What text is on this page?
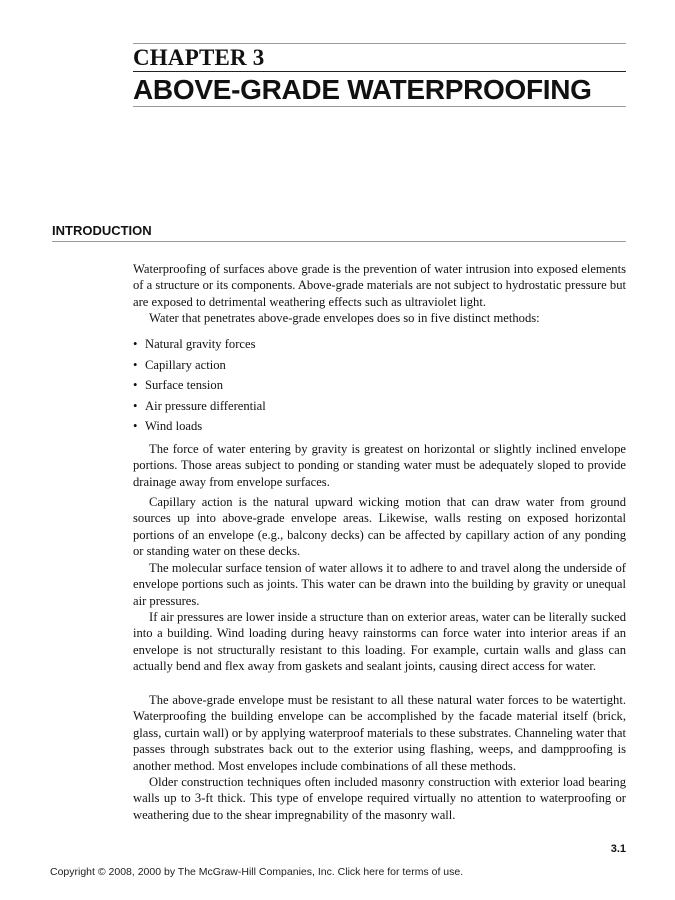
CHAPTER 3
ABOVE-GRADE WATERPROOFING
INTRODUCTION

Waterproofing of surfaces above grade is the prevention of water intrusion into exposed elements of a structure or its components. Above-grade materials are not subject to hydrostatic pressure but are exposed to detrimental weathering effects such as ultraviolet light.

Water that penetrates above-grade envelopes does so in five distinct methods:

• Natural gravity forces
• Capillary action
• Surface tension
• Air pressure differential
• Wind loads

The force of water entering by gravity is greatest on horizontal or slightly inclined envelope portions. Those areas subject to ponding or standing water must be adequately sloped to provide drainage away from envelope surfaces.

Capillary action is the natural upward wicking motion that can draw water from ground sources up into above-grade envelope areas. Likewise, walls resting on exposed horizontal portions of an envelope (e.g., balcony decks) can be affected by capillary action of any ponding or standing water on these decks.

The molecular surface tension of water allows it to adhere to and travel along the underside of envelope portions such as joints. This water can be drawn into the building by gravity or unequal air pressures.

If air pressures are lower inside a structure than on exterior areas, water can be literally sucked into a building. Wind loading during heavy rainstorms can force water into interior areas if an envelope is not structurally resistant to this loading. For example, curtain walls and glass can actually bend and flex away from gaskets and sealant joints, causing direct access for water.

The above-grade envelope must be resistant to all these natural water forces to be watertight. Waterproofing the building envelope can be accomplished by the facade material itself (brick, glass, curtain wall) or by applying waterproof materials to these substrates. Channeling water that passes through substrates back out to the exterior using flashing, weeps, and dampproofing is another method. Most envelopes include combinations of all these methods.

Older construction techniques often included masonry construction with exterior load bearing walls up to 3-ft thick. This type of envelope required virtually no attention to waterproofing or weathering due to the shear impregnability of the masonry wall.

3.1
Copyright © 2008, 2000 by The McGraw-Hill Companies, Inc. Click here for terms of use.
